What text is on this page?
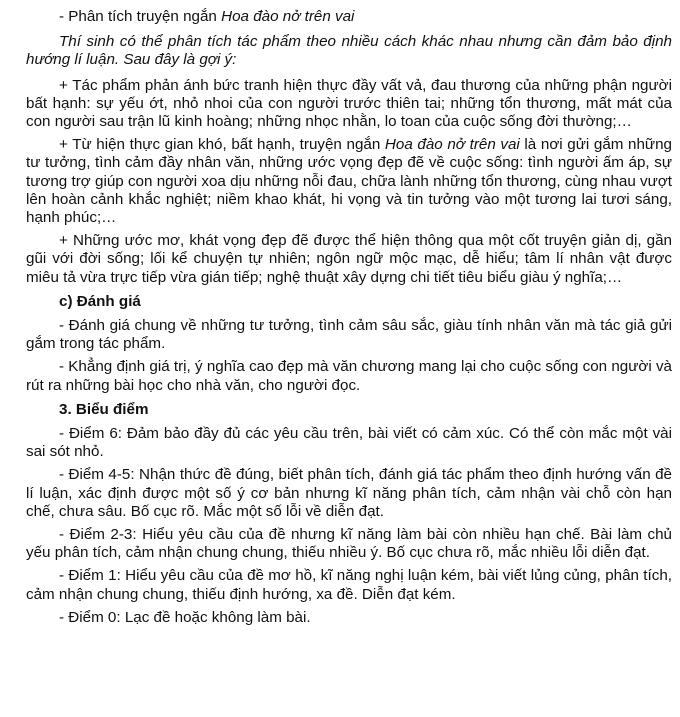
- Phân tích truyện ngắn Hoa đào nở trên vai

Thí sinh có thể phân tích tác phẩm theo nhiều cách khác nhau nhưng cần đảm bảo định hướng lí luận. Sau đây là gợi ý:

+ Tác phẩm phản ánh bức tranh hiện thực đầy vất vả, đau thương của những phận người bất hạnh: sự yếu ớt, nhỏ nhoi của con người trước thiên tai; những tổn thương, mất mát của con người sau trận lũ kinh hoàng; những nhọc nhằn, lo toan của cuộc sống đời thường;…

+ Từ hiện thực gian khó, bất hạnh, truyện ngắn Hoa đào nở trên vai là nơi gửi gắm những tư tưởng, tình cảm đầy nhân văn, những ước vọng đẹp đẽ về cuộc sống: tình người ấm áp, sự tương trợ giúp con người xoa dịu những nỗi đau, chữa lành những tổn thương, cùng nhau vượt lên hoàn cảnh khắc nghiệt; niềm khao khát, hi vọng và tin tưởng vào một tương lai tươi sáng, hạnh phúc;…

+ Những ước mơ, khát vọng đẹp đẽ được thể hiện thông qua một cốt truyện giản dị, gần gũi với đời sống; lối kể chuyện tự nhiên; ngôn ngữ mộc mạc, dễ hiểu; tâm lí nhân vật được miêu tả vừa trực tiếp vừa gián tiếp; nghệ thuật xây dựng chi tiết tiêu biểu giàu ý nghĩa;…

c) Đánh giá

- Đánh giá chung về những tư tưởng, tình cảm sâu sắc, giàu tính nhân văn mà tác giả gửi gắm trong tác phẩm.

- Khẳng định giá trị, ý nghĩa cao đẹp mà văn chương mang lại cho cuộc sống con người và rút ra những bài học cho nhà văn, cho người đọc.

3. Biểu điểm

- Điểm 6: Đảm bảo đầy đủ các yêu cầu trên, bài viết có cảm xúc. Có thể còn mắc một vài sai sót nhỏ.

- Điểm 4-5: Nhận thức đề đúng, biết phân tích, đánh giá tác phẩm theo định hướng vấn đề lí luận, xác định được một số ý cơ bản nhưng kĩ năng phân tích, cảm nhận vài chỗ còn hạn chế, chưa sâu. Bố cục rõ. Mắc một số lỗi về diễn đạt.

- Điểm 2-3: Hiểu yêu cầu của đề nhưng kĩ năng làm bài còn nhiều hạn chế. Bài làm chủ yếu phân tích, cảm nhận chung chung, thiếu nhiều ý. Bố cục chưa rõ, mắc nhiều lỗi diễn đạt.

- Điểm 1: Hiểu yêu cầu của đề mơ hồ, kĩ năng nghị luận kém, bài viết lủng củng, phân tích, cảm nhận chung chung, thiếu định hướng, xa đề. Diễn đạt kém.

- Điểm 0: Lạc đề hoặc không làm bài.
